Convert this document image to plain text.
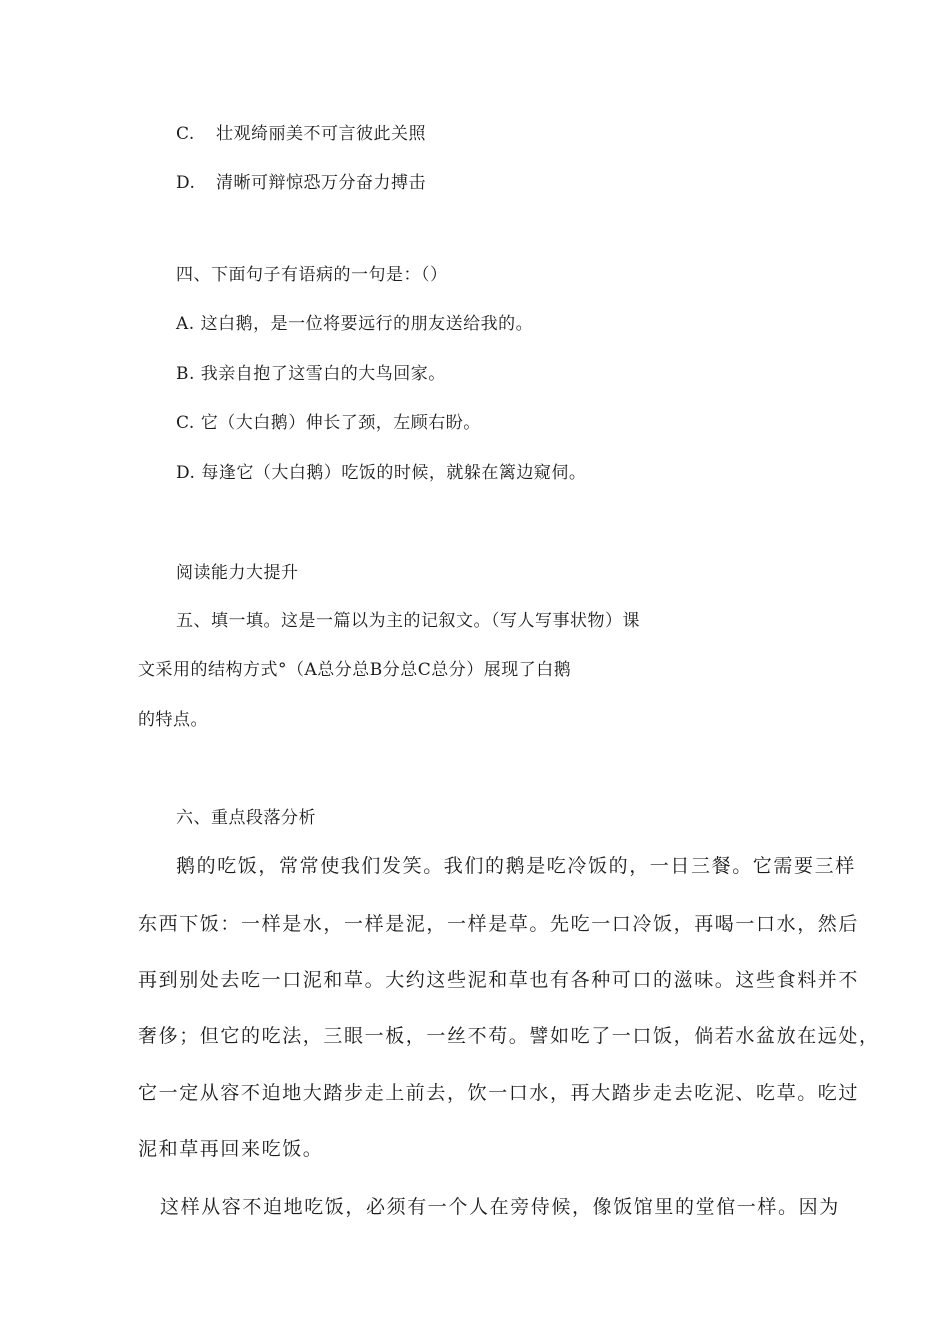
C. 壮观绮丽美不可言彼此关照
D. 清晰可辩惊恐万分奋力搏击
四、下面句子有语病的一句是：（）
A. 这白鹅，是一位将要远行的朋友送给我的。
B. 我亲自抱了这雪白的大鸟回家。
C. 它（大白鹅）伸长了颈，左顾右盼。
D. 每逢它（大白鹅）吃饭的时候，就躲在篱边窥伺。
阅读能力大提升
五、填一填。这是一篇以为主的记叙文。（写人写事状物）课
文采用的结构方式°（A总分总B分总C总分）展现了白鹅
的特点。
六、重点段落分析
鹅的吃饭，常常使我们发笑。我们的鹅是吃冷饭的，一日三餐。它需要三样
东西下饭：一样是水，一样是泥，一样是草。先吃一口冷饭，再喝一口水，然后
再到别处去吃一口泥和草。大约这些泥和草也有各种可口的滋味。这些食料并不
奢侈；但它的吃法，三眼一板，一丝不苟。譬如吃了一口饭，倘若水盆放在远处，
它一定从容不迫地大踏步走上前去，饮一口水，再大踏步走去吃泥、吃草。吃过
泥和草再回来吃饭。
这样从容不迫地吃饭，必须有一个人在旁侍候，像饭馆里的堂倌一样。因为
